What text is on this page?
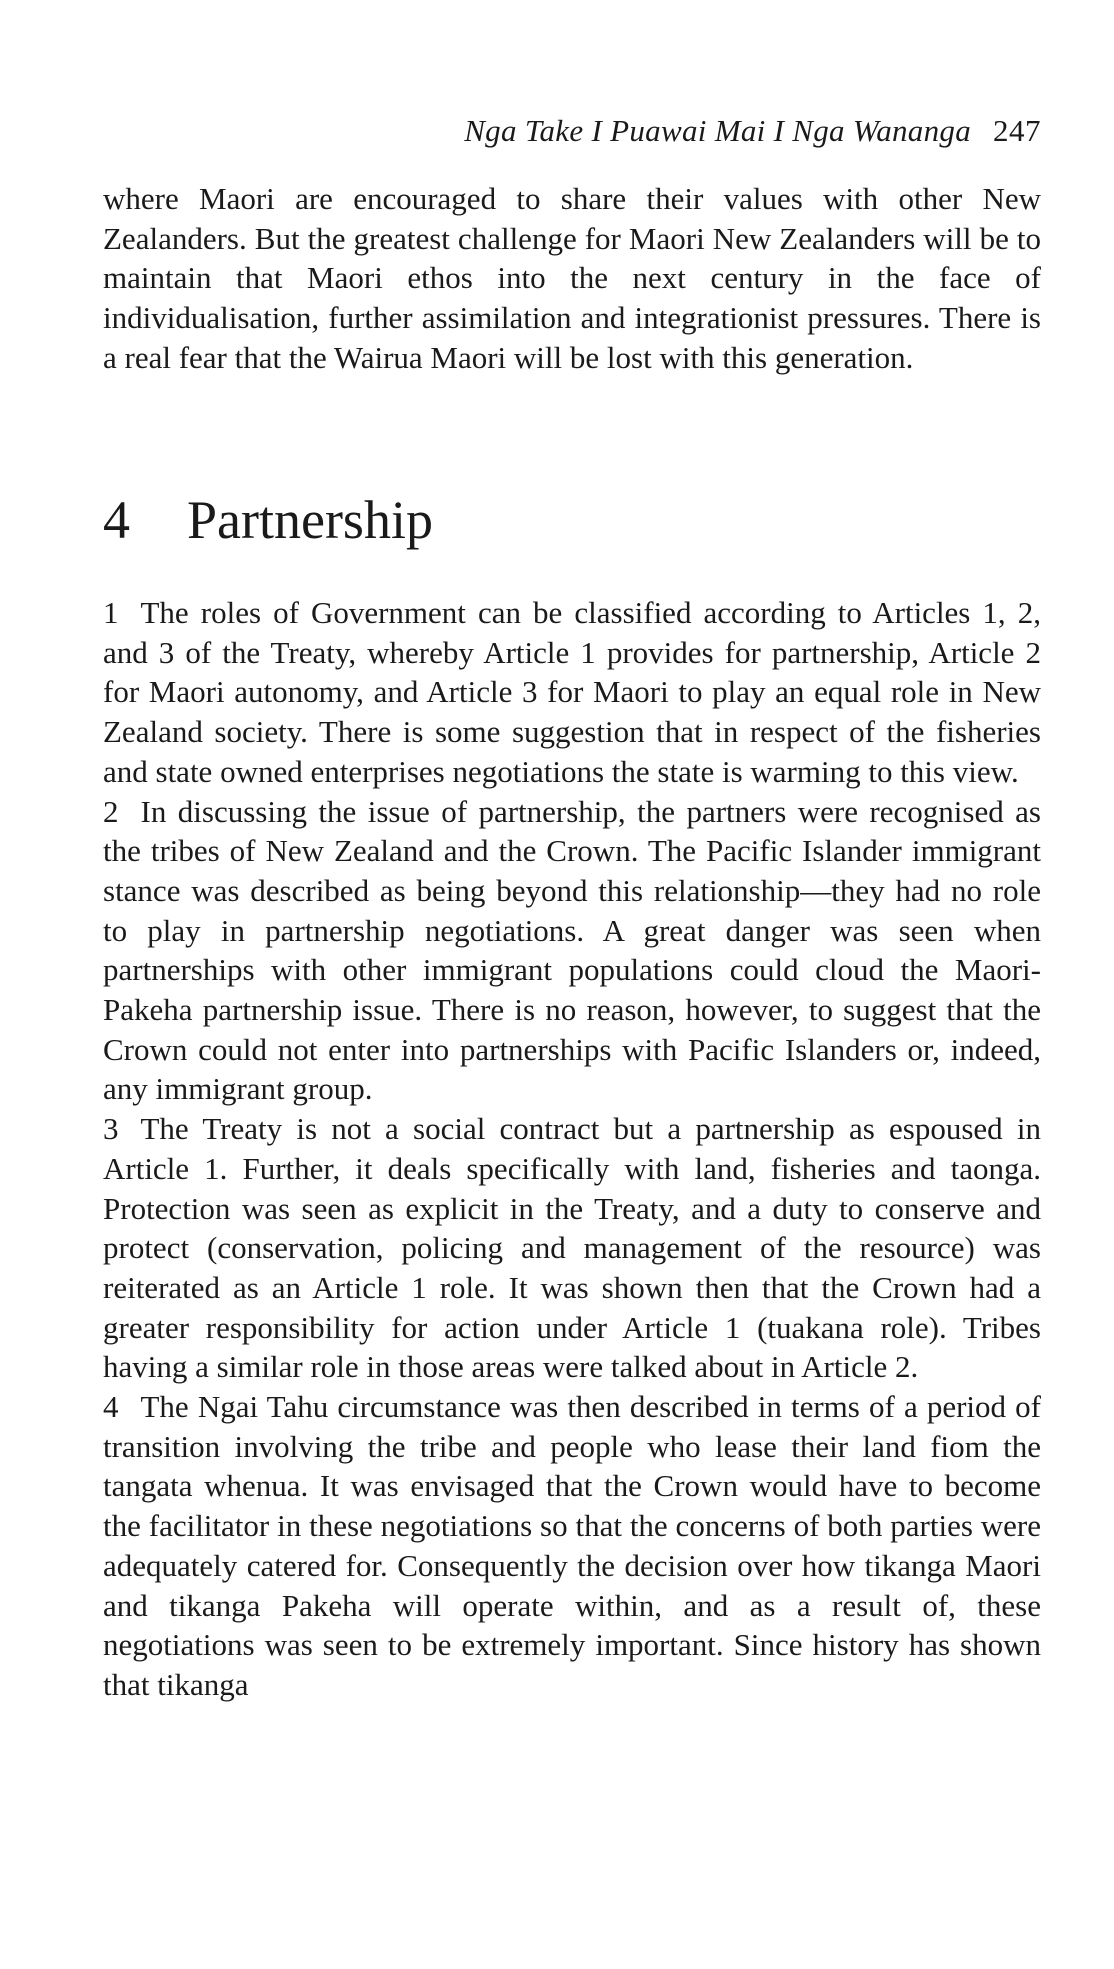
Nga Take I Puawai Mai I Nga Wananga 247

where Maori are encouraged to share their values with other New Zealanders. But the greatest challenge for Maori New Zealanders will be to maintain that Maori ethos into the next century in the face of individualisation, further assimilation and integrationist pressures. There is a real fear that the Wairua Maori will be lost with this generation.

4 Partnership

1 The roles of Government can be classified according to Articles 1, 2, and 3 of the Treaty, whereby Article 1 provides for partnership, Article 2 for Maori autonomy, and Article 3 for Maori to play an equal role in New Zealand society. There is some suggestion that in respect of the fisheries and state owned enterprises negotiations the state is warming to this view.

2 In discussing the issue of partnership, the partners were recognised as the tribes of New Zealand and the Crown. The Pacific Islander immigrant stance was described as being beyond this relationship—they had no role to play in partnership negotiations. A great danger was seen when partnerships with other immigrant populations could cloud the Maori-Pakeha partnership issue. There is no reason, however, to suggest that the Crown could not enter into partnerships with Pacific Islanders or, indeed, any immigrant group.

3 The Treaty is not a social contract but a partnership as espoused in Article 1. Further, it deals specifically with land, fisheries and taonga. Protection was seen as explicit in the Treaty, and a duty to conserve and protect (conservation, policing and management of the resource) was reiterated as an Article 1 role. It was shown then that the Crown had a greater responsibility for action under Article 1 (tuakana role). Tribes having a similar role in those areas were talked about in Article 2.

4 The Ngai Tahu circumstance was then described in terms of a period of transition involving the tribe and people who lease their land fiom the tangata whenua. It was envisaged that the Crown would have to become the facilitator in these negotiations so that the concerns of both parties were adequately catered for. Consequently the decision over how tikanga Maori and tikanga Pakeha will operate within, and as a result of, these negotiations was seen to be extremely important. Since history has shown that tikanga
